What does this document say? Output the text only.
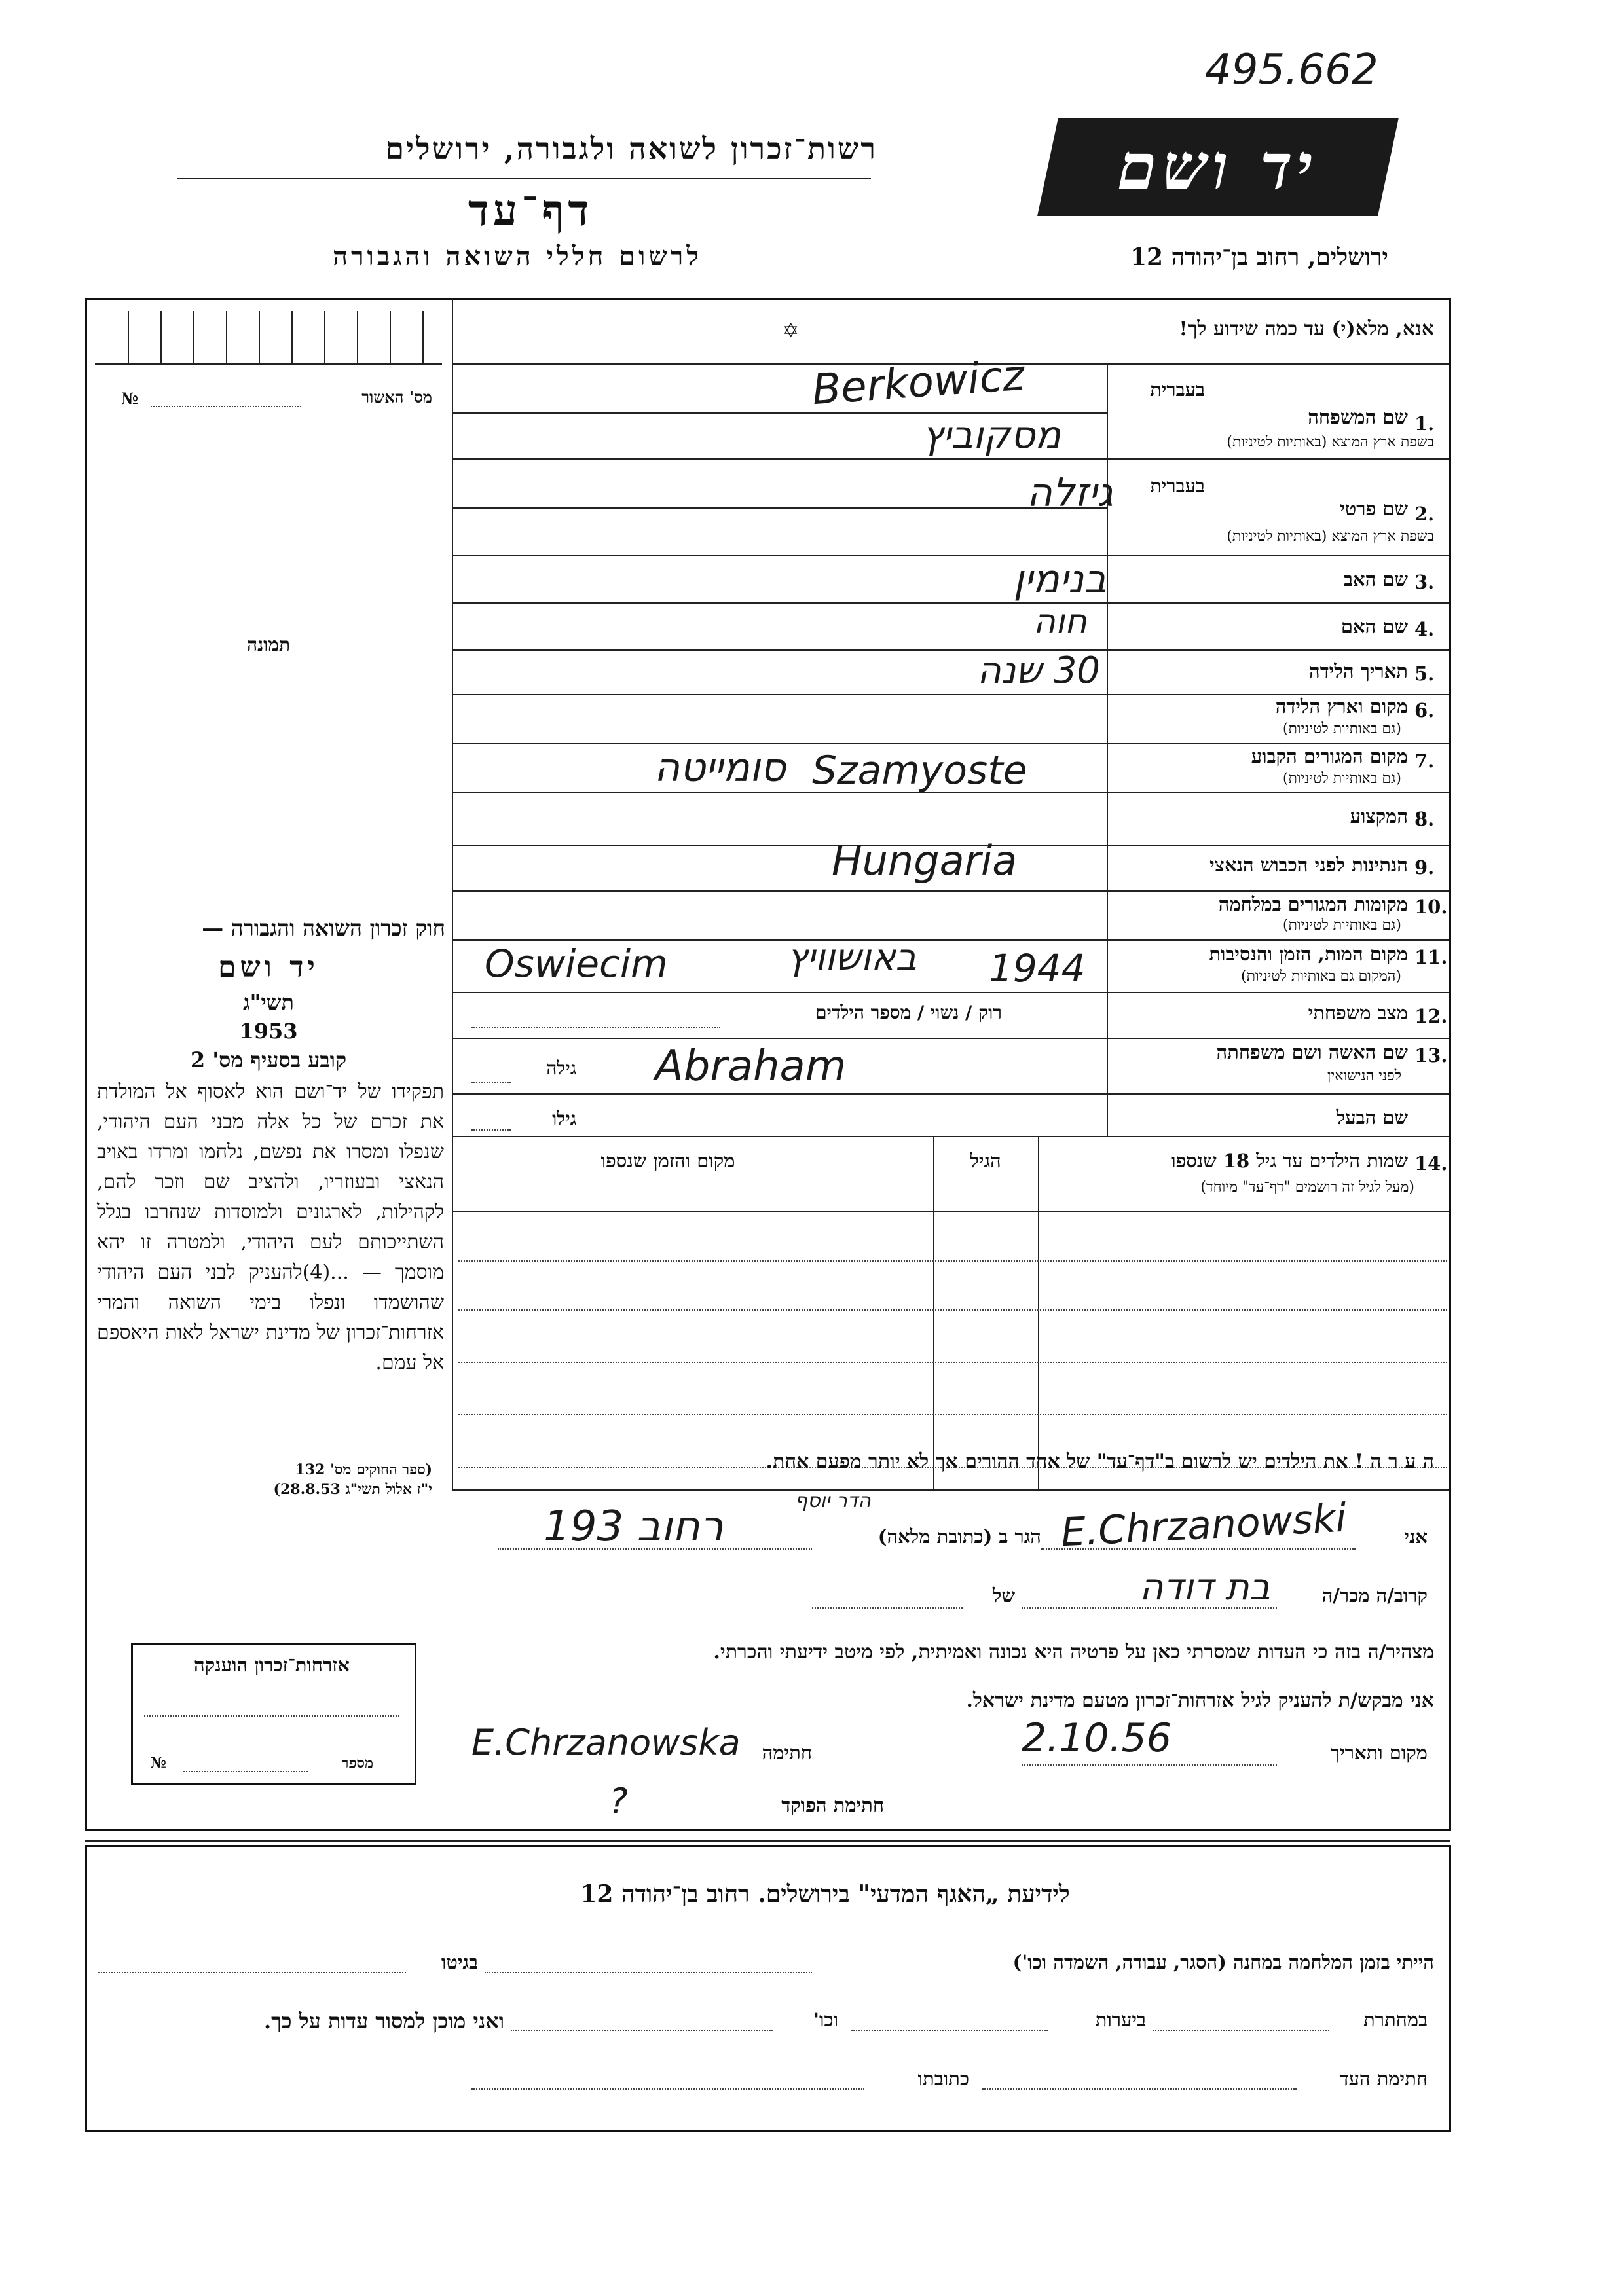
495.662
רשות־זכרון לשואה ולגבורה, ירושלים
דף־עד
לרשום חללי השואה והגבורה
יד ושם
ירושלים, רחוב בן־יהודה 12
אנא, מלא(י) עד כמה שידוע לך!
✡
מס' האשור
№
תמונה
חוק זכרון השואה והגבורה —
יד ושם
תשי"ג
1953
קובע בסעיף מס' 2
תפקידו של יד־ושם הוא לאסוף אל המולדת את זכרם של כל אלה מבני העם היהודי, שנפלו ומסרו את נפשם, נלחמו ומרדו באויב הנאצי ובעוזריו, ולהציב שם וזכר להם, לקהילות, לארגונים ולמוסדות שנחרבו בגלל השתייכותם לעם היהודי, ולמטרה זו יהא מוסמך — ...(4)להעניק לבני העם היהודי שהושמדו ונפלו בימי השואה והמרי אזרחות־זכרון של מדינת ישראל לאות היאספם אל עמם.
(ספר החוקים מס' 132
י"ז אלול תשי"ג 28.8.53)
בעברית
1.
שם המשפחה
בשפת ארץ המוצא (באותיות לטיניות)
Berkowicz
מסקוביץ
בעברית
2.
שם פרטי
בשפת ארץ המוצא (באותיות לטיניות)
גיזלה
3.
שם האב
בנימין
4.
שם האם
חוה
5.
תאריך הלידה
30 שנה
6.
מקום וארץ הלידה
(גם באותיות לטיניות)
7.
מקום המגורים הקבוע
(גם באותיות לטיניות)
סומייטה Szamyoste
8.
המקצוע
9.
הנתינות לפני הכבוש הנאצי
Hungaria
10.
מקומות המגורים במלחמה
(גם באותיות לטיניות)
11.
מקום המות, הזמן והנסיבות
(המקום גם באותיות לטיניות)
Oswiecim	באושוויץ 1944
12.
מצב משפחתי
רוק / נשוי / מספר הילדים
13.
שם האשה ושם משפחתה
לפני הנישואין
גילה Abraham
שם הבעל
גילו
14.
שמות הילדים עד גיל 18 שנספו
(מעל לגיל זה רושמים "דף־עד" מיוחד)
הגיל
מקום והזמן שנספו
ה ע ר ה ! את הילדים יש לרשום ב"דף־עד" של אחד ההורים אך לא יותר מפעם אחת.
אני
E.Chrzanowski
הגר ב (כתובת מלאה)
193 רחוב
הדר יוסף
קרוב/ה מכר/ה
בת דודה
של
מצהיר/ה בזה כי העדות שמסרתי כאן על פרטיה היא נכונה ואמיתית, לפי מיטב ידיעתי והכרתי.
אני מבקש/ת להעניק לגיל אזרחות־זכרון מטעם מדינת ישראל.
מקום ותאריך
2.10.56
חתימה
E.Chrzanowska
חתימת הפוקד
?
אזרחות־זכרון הוענקה
מספר
№
לידיעת „האגף המדעי" בירושלים. רחוב בן־יהודה 12
הייתי בזמן המלחמה במחנה (הסגר, עבודה, השמדה וכו')
בגיטו
במחתרת
ביערות
וכו'
ואני מוכן למסור עדות על כך.
חתימת העד
כתובתו
